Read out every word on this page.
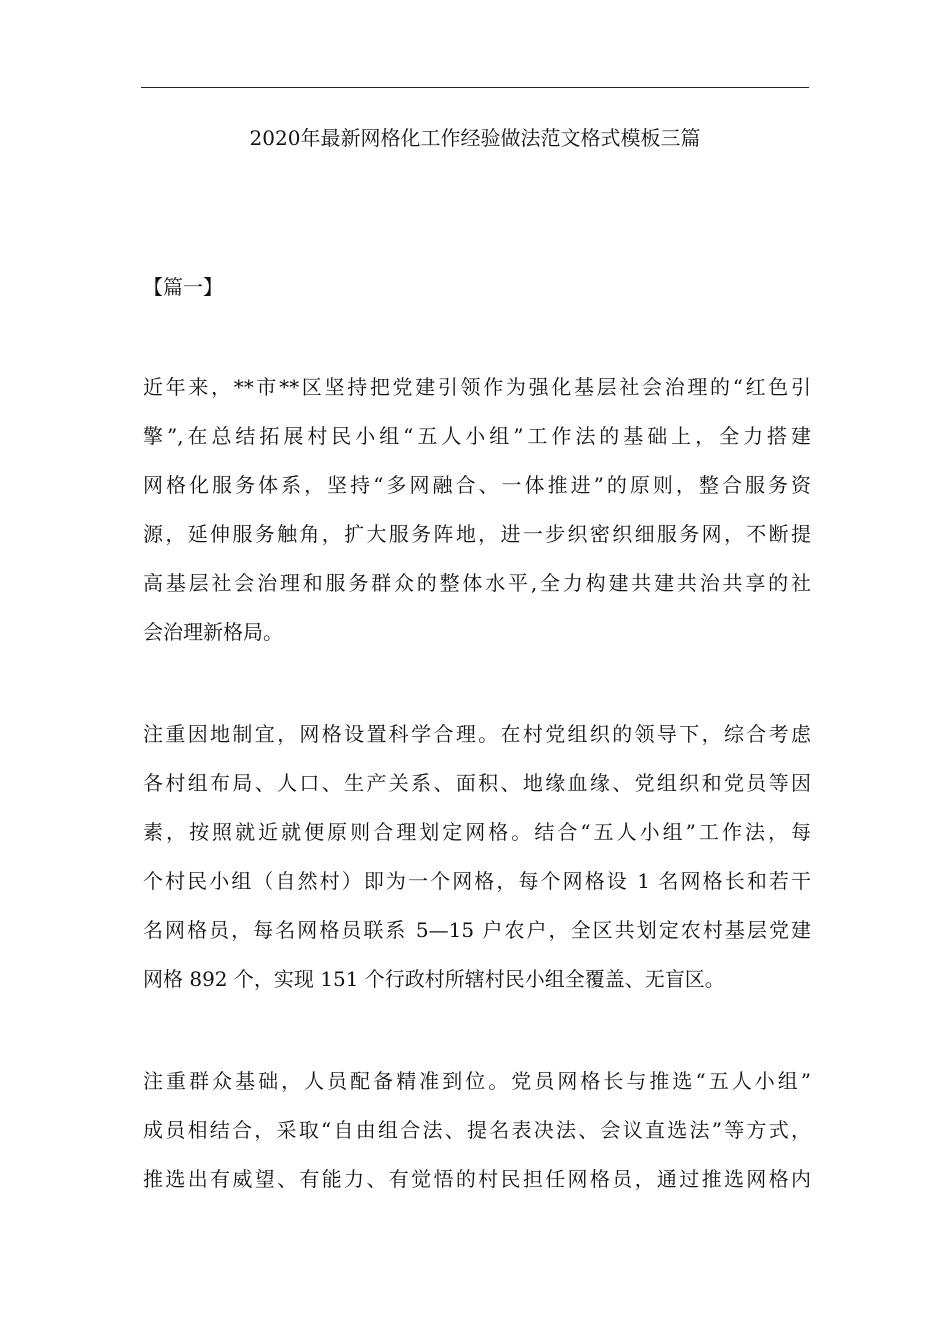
2020年最新网格化工作经验做法范文格式模板三篇
【篇一】
近年来，**市**区坚持把党建引领作为强化基层社会治理的“红色引
擎”,在总结拓展村民小组“五人小组”工作法的基础上，全力搭建
网格化服务体系，坚持“多网融合、一体推进”的原则，整合服务资
源，延伸服务触角，扩大服务阵地，进一步织密织细服务网，不断提
高基层社会治理和服务群众的整体水平,全力构建共建共治共享的社
会治理新格局。
注重因地制宜，网格设置科学合理。在村党组织的领导下，综合考虑
各村组布局、人口、生产关系、面积、地缘血缘、党组织和党员等因
素，按照就近就便原则合理划定网格。结合“五人小组”工作法，每
个村民小组（自然村）即为一个网格，每个网格设 1 名网格长和若干
名网格员，每名网格员联系 5—15 户农户，全区共划定农村基层党建
网格 892 个，实现 151 个行政村所辖村民小组全覆盖、无盲区。
注重群众基础，人员配备精准到位。党员网格长与推选“五人小组”
成员相结合，采取“自由组合法、提名表决法、会议直选法”等方式，
推选出有威望、有能力、有觉悟的村民担任网格员，通过推选网格内
